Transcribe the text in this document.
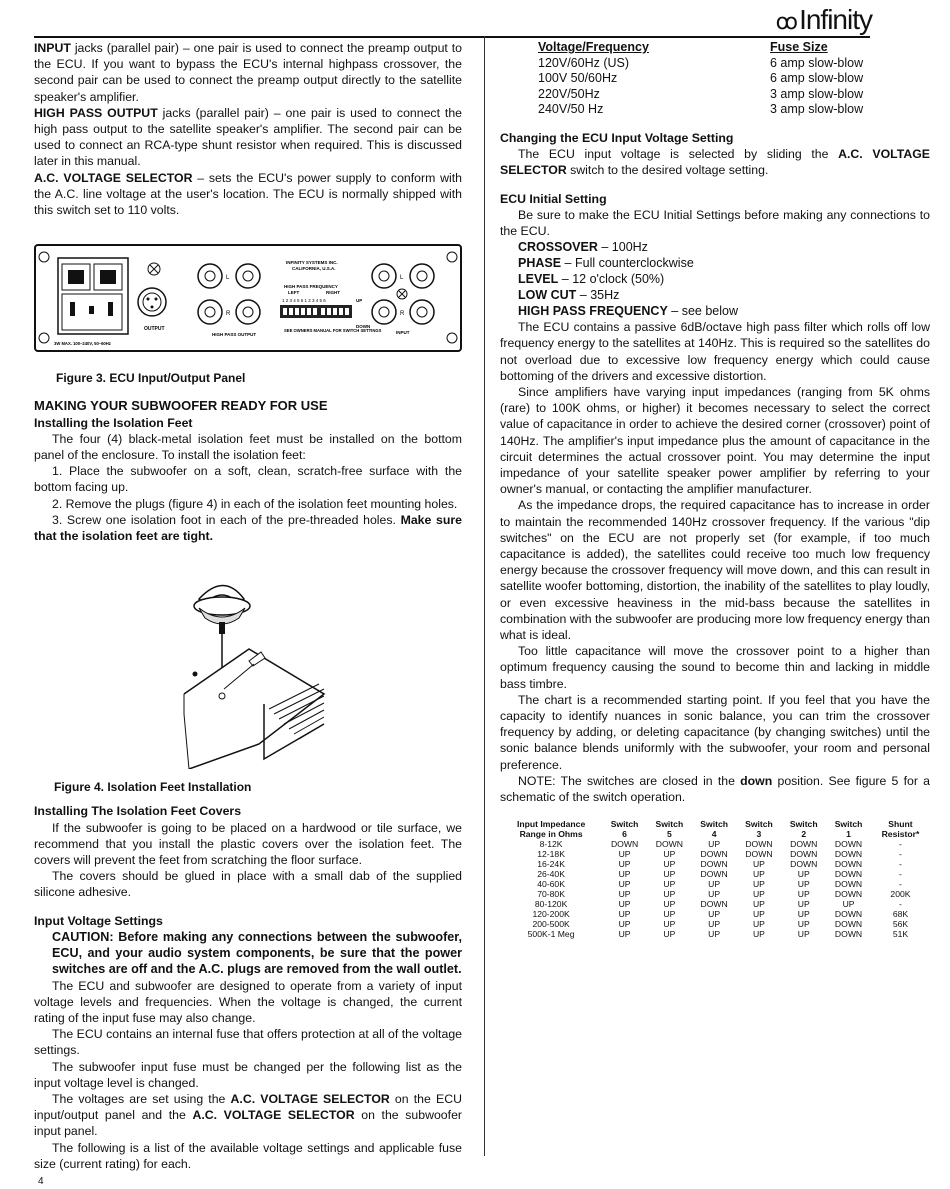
ꝏInfinity

INPUT jacks (parallel pair) – one pair is used to connect the preamp output to the ECU. If you want to bypass the ECU's internal highpass crossover, the second pair can be used to connect the preamp output directly to the satellite speaker's amplifier.

HIGH PASS OUTPUT jacks (parallel pair) – one pair is used to connect the high pass output to the satellite speaker's amplifier. The second pair can be used to connect an RCA-type shunt resistor when required. This is discussed later in this manual.

A.C. VOLTAGE SELECTOR – sets the ECU's power supply to conform with the A.C. line voltage at the user's location. The ECU is normally shipped with this switch set to 110 volts.

OUTPUT
L
R
HIGH PASS OUTPUT
INFINITY SYSTEMS INC.
CALIFORNIA, U.S.A.
HIGH PASS FREQUENCY
LEFT	RIGHT
1 2 3 4 5 6 1 2 3 4 5 6	UP
DOWN
SEE OWNERS MANUAL FOR SWITCH SETTINGS
L
R
INPUT
3W MAX. 100–240V, 50–60Hz

Figure 3. ECU Input/Output Panel

MAKING YOUR SUBWOOFER READY FOR USE

Installing the Isolation Feet

The four (4) black-metal isolation feet must be installed on the bottom panel of the enclosure. To install the isolation feet:

1. Place the subwoofer on a soft, clean, scratch-free surface with the bottom facing up.

2. Remove the plugs (figure 4) in each of the isolation feet mounting holes.

3. Screw one isolation foot in each of the pre-threaded holes. Make sure that the isolation feet are tight.

Figure 4. Isolation Feet Installation

Installing The Isolation Feet Covers

If the subwoofer is going to be placed on a hardwood or tile surface, we recommend that you install the plastic covers over the isolation feet. The covers will prevent the feet from scratching the floor surface.

The covers should be glued in place with a small dab of the supplied silicone adhesive.

Input Voltage Settings

CAUTION: Before making any connections between the subwoofer, ECU, and your audio system components, be sure that the power switches are off and the A.C. plugs are removed from the wall outlet.

The ECU and subwoofer are designed to operate from a variety of input voltage levels and frequencies. When the voltage is changed, the current rating of the input fuse may also change.

The ECU contains an internal fuse that offers protection at all of the voltage settings.

The subwoofer input fuse must be changed per the following list as the input voltage level is changed.

The voltages are set using the A.C. VOLTAGE SELECTOR on the ECU input/output panel and the A.C. VOLTAGE SELECTOR on the subwoofer input panel.

The following is a list of the available voltage settings and applicable fuse size (current rating) for each.

Voltage/Frequency	Fuse Size
120V/60Hz (US)	6 amp slow-blow
100V 50/60Hz	6 amp slow-blow
220V/50Hz	3 amp slow-blow
240V/50 Hz	3 amp slow-blow

Changing the ECU Input Voltage Setting

The ECU input voltage is selected by sliding the A.C. VOLTAGE SELECTOR switch to the desired voltage setting.

ECU Initial Setting

Be sure to make the ECU Initial Settings before making any connections to the ECU.

CROSSOVER – 100Hz
PHASE – Full counterclockwise
LEVEL – 12 o'clock (50%)
LOW CUT – 35Hz
HIGH PASS FREQUENCY – see below

The ECU contains a passive 6dB/octave high pass filter which rolls off low frequency energy to the satellites at 140Hz. This is required so the satellites do not overload due to excessive low frequency energy which could cause bottoming of the drivers and excessive distortion.

Since amplifiers have varying input impedances (ranging from 5K ohms (rare) to 100K ohms, or higher) it becomes necessary to select the correct value of capacitance in order to achieve the desired corner (crossover) point of 140Hz. The amplifier's input impedance plus the amount of capacitance in the circuit determines the actual crossover point. You may determine the input impedance of your satellite speaker power amplifier by referring to your owner's manual, or contacting the amplifier manufacturer.

As the impedance drops, the required capacitance has to increase in order to maintain the recommended 140Hz crossover frequency. If the various "dip switches" on the ECU are not properly set (for example, if too much capacitance is added), the satellites could receive too much low frequency energy because the crossover frequency will move down, and this can result in satellite woofer bottoming, distortion, the inability of the satellites to play loudly, or even excessive heaviness in the mid-bass because the satellites in combination with the subwoofer are producing more low frequency energy than what is ideal.

Too little capacitance will move the crossover point to a higher than optimum frequency causing the sound to become thin and lacking in middle bass timbre.

The chart is a recommended starting point. If you feel that you have the capacity to identify nuances in sonic balance, you can trim the crossover frequency by adding, or deleting capacitance (by changing switches) until the sonic balance blends uniformly with the subwoofer, your room and personal preference.

NOTE: The switches are closed in the down position. See figure 5 for a schematic of the switch operation.

Input Impedance	Switch	Switch	Switch	Switch	Switch	Switch	Shunt
Range in Ohms	6	5	4	3	2	1	Resistor*
8-12K	DOWN	DOWN	UP	DOWN	DOWN	DOWN	-
12-18K	UP	UP	DOWN	DOWN	DOWN	DOWN	-
16-24K	UP	UP	DOWN	UP	DOWN	DOWN	-
26-40K	UP	UP	DOWN	UP	UP	DOWN	-
40-60K	UP	UP	UP	UP	UP	DOWN	-
70-80K	UP	UP	UP	UP	UP	DOWN	200K
80-120K	UP	UP	DOWN	UP	UP	UP	-
120-200K	UP	UP	UP	UP	UP	DOWN	68K
200-500K	UP	UP	UP	UP	UP	DOWN	56K
500K-1 Meg	UP	UP	UP	UP	UP	DOWN	51K
4
